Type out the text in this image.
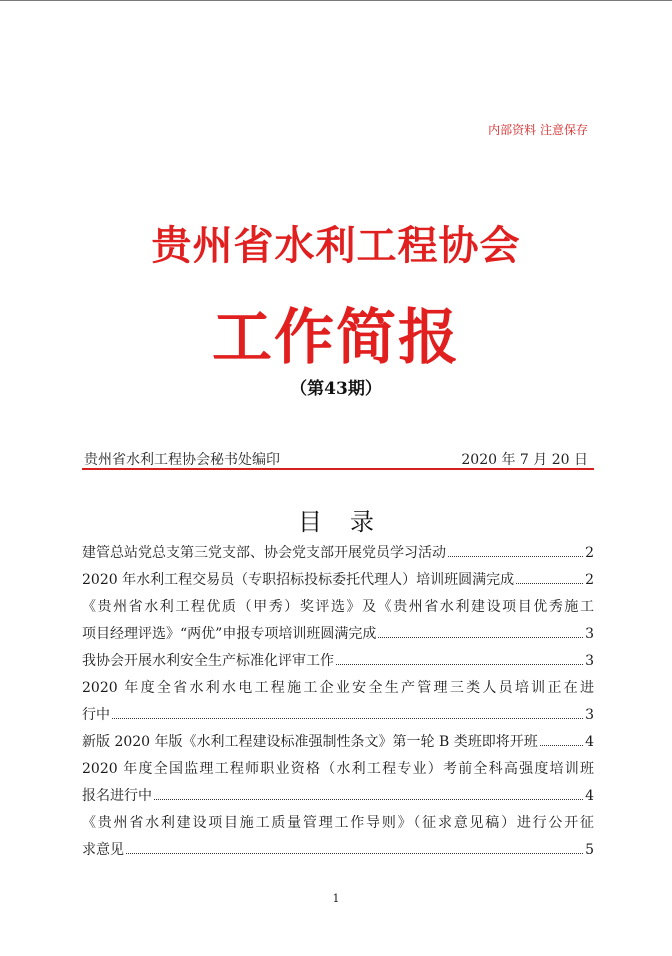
内部资料 注意保存
贵州省水利工程协会
工作简报
（第43期）
贵州省水利工程协会秘书处编印	2020 年 7 月 20 日
目录
建管总站党总支第三党支部、协会党支部开展党员学习活动	2
2020 年水利工程交易员（专职招标投标委托代理人）培训班圆满完成	2
《贵州省水利工程优质（甲秀）奖评选》及《贵州省水利建设项目优秀施工
项目经理评选》“两优”申报专项培训班圆满完成	3
我协会开展水利安全生产标准化评审工作	3
2020 年度全省水利水电工程施工企业安全生产管理三类人员培训正在进
行中	3
新版 2020 年版《水利工程建设标准强制性条文》第一轮 B 类班即将开班	4
2020 年度全国监理工程师职业资格（水利工程专业）考前全科高强度培训班
报名进行中	4
《贵州省水利建设项目施工质量管理工作导则》（征求意见稿）进行公开征
求意见	5
1
